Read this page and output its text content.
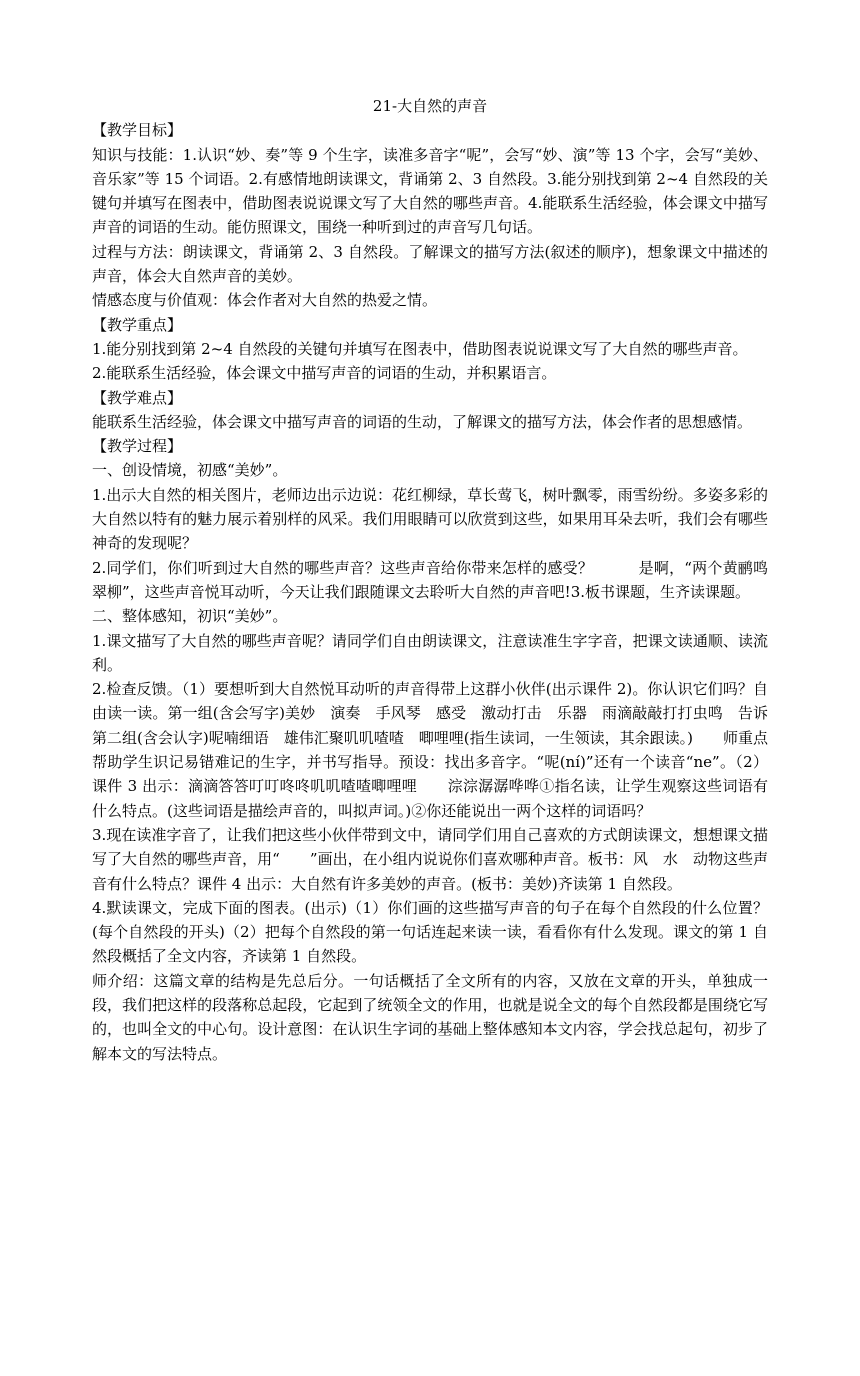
21-大自然的声音

【教学目标】

知识与技能：1.认识“妙、奏”等 9 个生字，读准多音字“呢”，会写“妙、演”等 13 个字，会写“美妙、音乐家”等 15 个词语。2.有感情地朗读课文，背诵第 2、3 自然段。3.能分别找到第 2~4 自然段的关键句并填写在图表中，借助图表说说课文写了大自然的哪些声音。4.能联系生活经验，体会课文中描写声音的词语的生动。能仿照课文，围绕一种听到过的声音写几句话。

过程与方法：朗读课文，背诵第 2、3 自然段。了解课文的描写方法(叙述的顺序)，想象课文中描述的声音，体会大自然声音的美妙。

情感态度与价值观：体会作者对大自然的热爱之情。

【教学重点】

1.能分别找到第 2~4 自然段的关键句并填写在图表中，借助图表说说课文写了大自然的哪些声音。

2.能联系生活经验，体会课文中描写声音的词语的生动，并积累语言。

【教学难点】

能联系生活经验，体会课文中描写声音的词语的生动，了解课文的描写方法，体会作者的思想感情。

【教学过程】

一、创设情境，初感“美妙”。

1.出示大自然的相关图片，老师边出示边说：花红柳绿，草长莺飞，树叶飘零，雨雪纷纷。多姿多彩的大自然以特有的魅力展示着别样的风采。我们用眼睛可以欣赏到这些，如果用耳朵去听，我们会有哪些神奇的发现呢？

2.同学们，你们听到过大自然的哪些声音？这些声音给你带来怎样的感受？　　　是啊，“两个黄鹂鸣翠柳”，这些声音悦耳动听，今天让我们跟随课文去聆听大自然的声音吧!3.板书课题，生齐读课题。

二、整体感知，初识“美妙”。

1.课文描写了大自然的哪些声音呢？请同学们自由朗读课文，注意读准生字字音，把课文读通顺、读流利。

2.检查反馈。（1）要想听到大自然悦耳动听的声音得带上这群小伙伴(出示课件 2)。你认识它们吗？自由读一读。第一组(含会写字)美妙　演奏　手风琴　感受　激动打击　乐器　雨滴敲敲打打虫鸣　告诉第二组(含会认字)呢喃细语　雄伟汇聚叽叽喳喳　唧哩哩(指生读词，一生领读，其余跟读。)　　师重点帮助学生识记易错难记的生字，并书写指导。预设：找出多音字。“呢(ní)”还有一个读音“ne”。（2）课件 3 出示：滴滴答答叮叮咚咚叽叽喳喳唧哩哩　　淙淙潺潺哗哗①指名读，让学生观察这些词语有什么特点。(这些词语是描绘声音的，叫拟声词。)②你还能说出一两个这样的词语吗？

3.现在读准字音了，让我们把这些小伙伴带到文中，请同学们用自己喜欢的方式朗读课文，想想课文描写了大自然的哪些声音，用“　　”画出，在小组内说说你们喜欢哪种声音。板书：风　水　动物这些声音有什么特点？课件 4 出示：大自然有许多美妙的声音。(板书：美妙)齐读第 1 自然段。

4.默读课文，完成下面的图表。(出示)（1）你们画的这些描写声音的句子在每个自然段的什么位置？(每个自然段的开头)（2）把每个自然段的第一句话连起来读一读，看看你有什么发现。课文的第 1 自然段概括了全文内容，齐读第 1 自然段。

师介绍：这篇文章的结构是先总后分。一句话概括了全文所有的内容，又放在文章的开头，单独成一段，我们把这样的段落称总起段，它起到了统领全文的作用，也就是说全文的每个自然段都是围绕它写的，也叫全文的中心句。设计意图：在认识生字词的基础上整体感知本文内容，学会找总起句，初步了解本文的写法特点。
